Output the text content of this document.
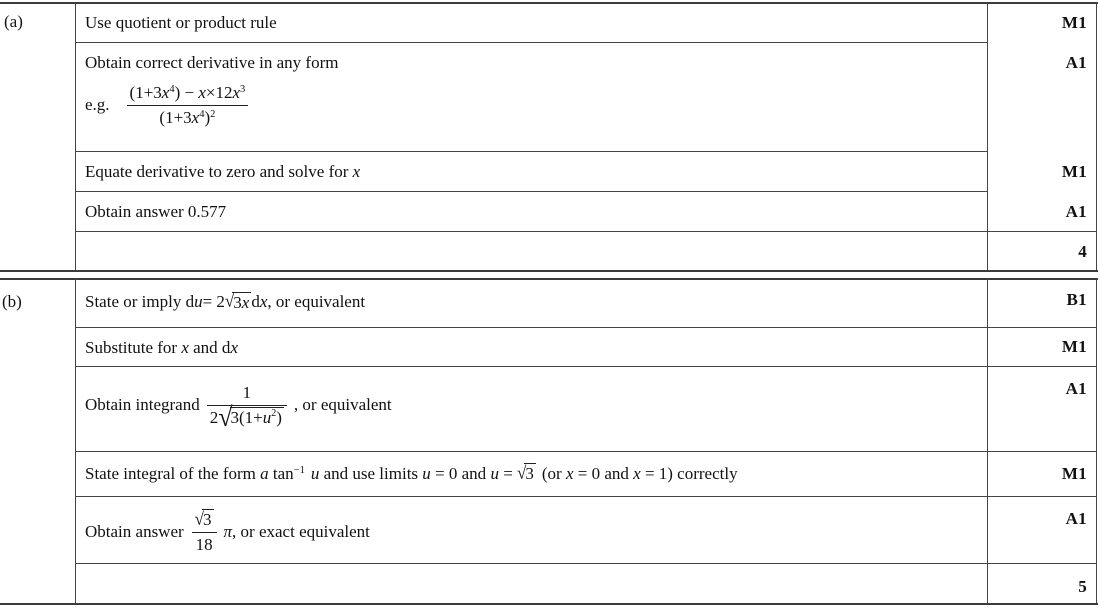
(a)	Use quotient or product rule
Obtain correct derivative in any form
e.g. $\frac{(1+3x^4) - x\times 12x^3}{(1+3x^4)^2}$
Equate derivative to zero and solve for x
Obtain answer 0.577
M1
A1
M1
A1
4
(b)	State or imply d u = 2 √ 3x d x , or equivalent
Substitute for x and dx
Obtain integrand $\frac{1}{2√3(1+u^2)}$ , or equivalent
State integral of the form a $\tan^{-1} u$ and use limits u = 0 and u = √3 (or x = 0 and x = 1) correctly
Obtain answer $\frac{√3}{18}$ π , or exact equivalent
B1
M1
A1
M1
A1
5
